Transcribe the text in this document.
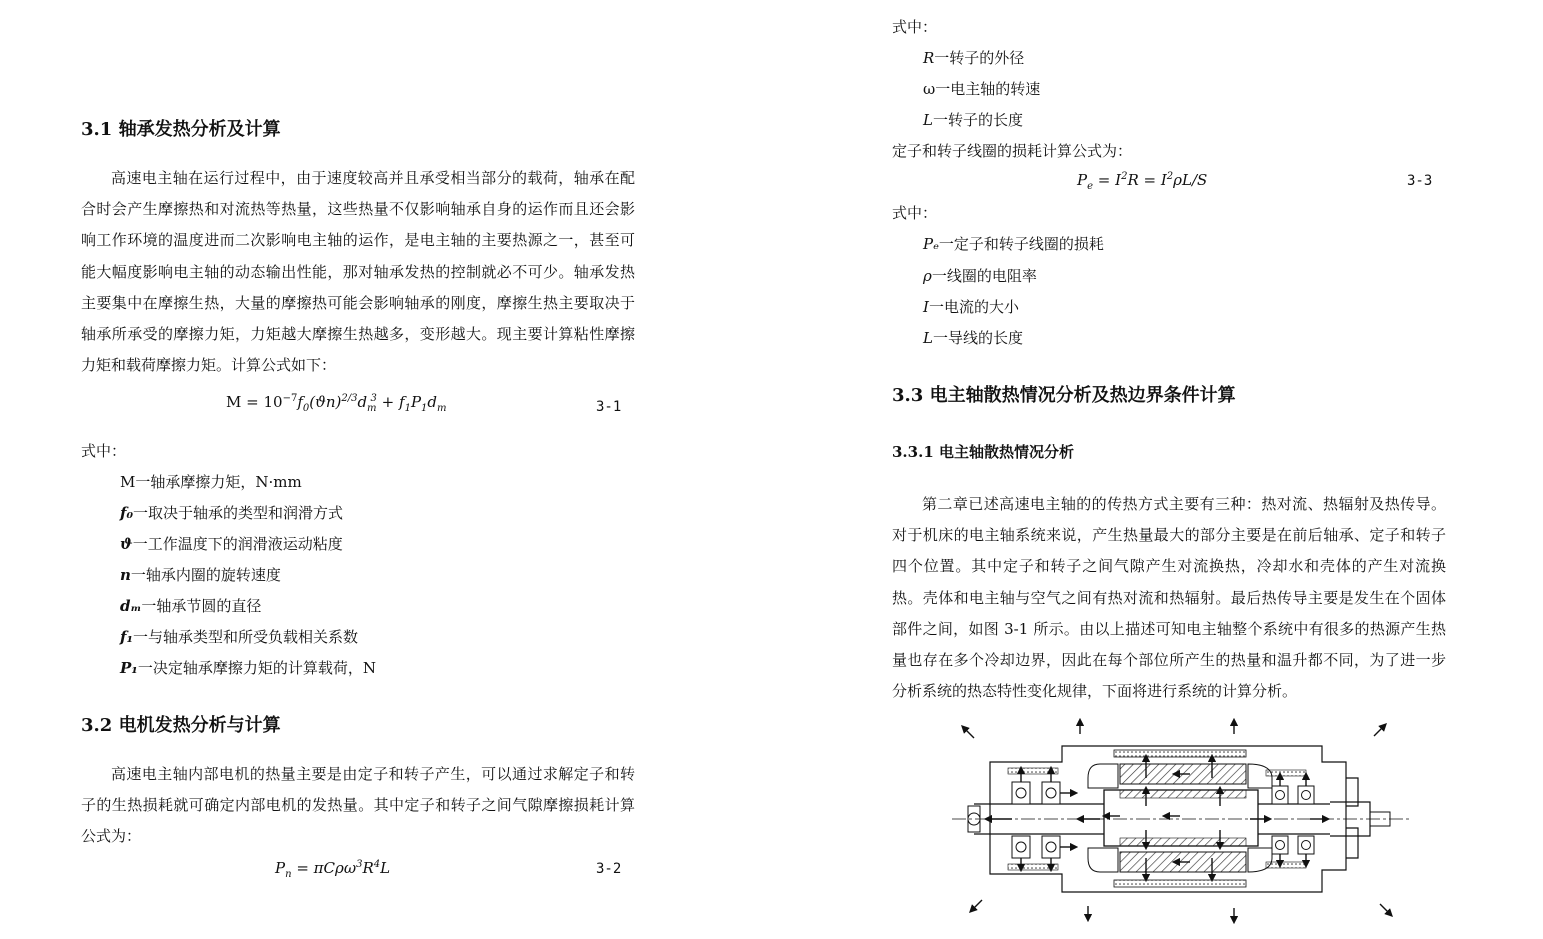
3.1 轴承发热分析及计算

高速电主轴在运行过程中，由于速度较高并且承受相当部分的载荷，轴承在配合时会产生摩擦热和对流热等热量，这些热量不仅影响轴承自身的运作而且还会影响工作环境的温度进而二次影响电主轴的运作，是电主轴的主要热源之一，甚至可能大幅度影响电主轴的动态输出性能，那对轴承发热的控制就必不可少。轴承发热主要集中在摩擦生热，大量的摩擦热可能会影响轴承的刚度，摩擦生热主要取决于轴承所承受的摩擦力矩，力矩越大摩擦生热越多，变形越大。现主要计算粘性摩擦力矩和载荷摩擦力矩。计算公式如下：

$M = 10^{-7}f_0(ϑn)^{2/3}d_m^3 + f_1P_1d_m$	3-1
式中：
M一轴承摩擦力矩，N·mm
f₀一取决于轴承的类型和润滑方式
ϑ一工作温度下的润滑液运动粘度
n一轴承内圈的旋转速度
dₘ一轴承节圆的直径
f₁一与轴承类型和所受负载相关系数
P₁一决定轴承摩擦力矩的计算载荷，N
3.2 电机发热分析与计算

高速电主轴内部电机的热量主要是由定子和转子产生，可以通过求解定子和转子的生热损耗就可确定内部电机的发热量。其中定子和转子之间气隙摩擦损耗计算公式为：

$P_n = \pi C\rho\omega^3R^4L$	3-2
式中：
R一转子的外径
ω一电主轴的转速
L一转子的长度
定子和转子线圈的损耗计算公式为：
$P_e = I^2R = I^2\rho L/S$	3-3
式中：
Pₑ一定子和转子线圈的损耗
ρ一线圈的电阻率
I一电流的大小
L一导线的长度
3.3 电主轴散热情况分析及热边界条件计算
3.3.1 电主轴散热情况分析

第二章已述高速电主轴的的传热方式主要有三种：热对流、热辐射及热传导。对于机床的电主轴系统来说，产生热量最大的部分主要是在前后轴承、定子和转子四个位置。其中定子和转子之间气隙产生对流换热，冷却水和壳体的产生对流换热。壳体和电主轴与空气之间有热对流和热辐射。最后热传导主要是发生在个固体部件之间，如图 3-1 所示。由以上描述可知电主轴整个系统中有很多的热源产生热量也存在多个冷却边界，因此在每个部位所产生的热量和温升都不同，为了进一步分析系统的热态特性变化规律，下面将进行系统的计算分析。
